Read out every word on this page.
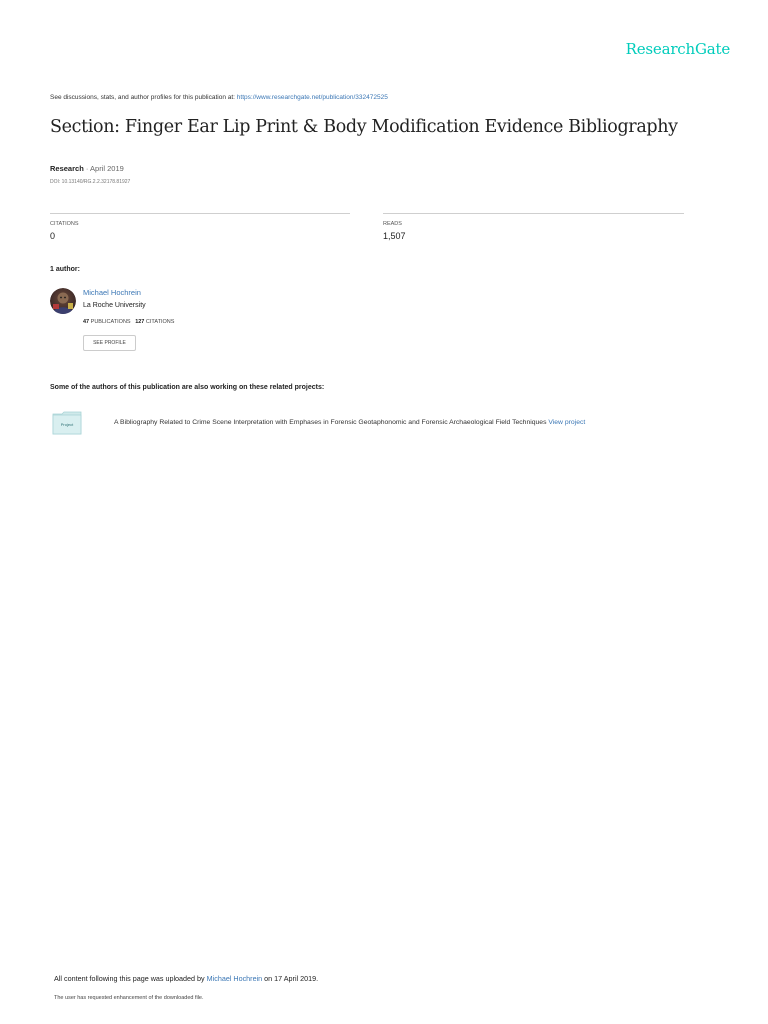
ResearchGate
See discussions, stats, and author profiles for this publication at: https://www.researchgate.net/publication/332472525
Section: Finger Ear Lip Print & Body Modification Evidence Bibliography
Research · April 2019
DOI: 10.13140/RG.2.2.32178.81927
CITATIONS
0
READS
1,507
1 author:
Michael Hochrein
La Roche University
47 PUBLICATIONS 127 CITATIONS
SEE PROFILE
Some of the authors of this publication are also working on these related projects:
Project	A Bibliography Related to Crime Scene Interpretation with Emphases in Forensic Geotaphonomic and Forensic Archaeological Field Techniques View project
All content following this page was uploaded by Michael Hochrein on 17 April 2019.
The user has requested enhancement of the downloaded file.
